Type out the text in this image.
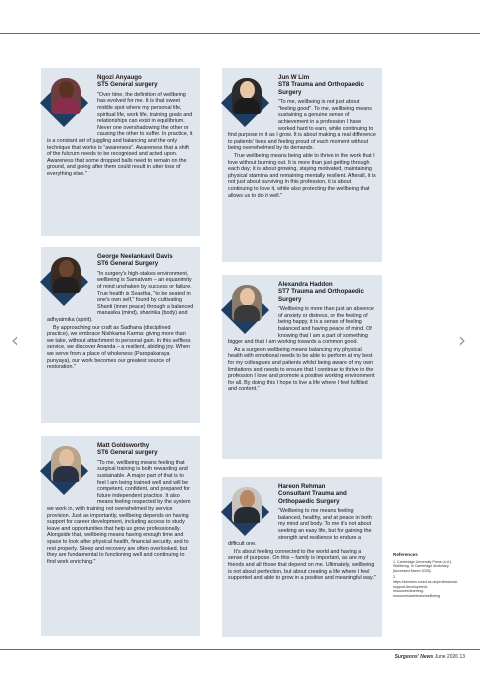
‹	›

Ngozi Anyaugo

ST5 General surgery

"Over time, the definition of wellbeing has evolved for me. It is that sweet middle spot where my personal life, spiritual life, work life, training goals and relationships can exist in equilibrium. Never one overshadowing the other or causing the other to suffer. In practice, it is a constant art of juggling and balancing and the only technique that works is "awareness". Awareness that a shift of the fulcrum needs to be recognised and acted upon. Awareness that some dropped balls need to remain on the ground, and going after them could result in utter loss of everything else."

Jun W Lim

ST8 Trauma and Orthopaedic Surgery

"To me, wellbeing is not just about "feeling good". To me, wellbeing means sustaining a genuine sense of achievement in a profession I have worked hard to earn, while continuing to find purpose in it as I grow. It is about making a real difference to patients' lives and feeling proud of each moment without being overwhelmed by its demands.

True wellbeing means being able to thrive in the work that I love without burning out. It is more than just getting through each day; it is about growing, staying motivated, maintaining physical stamina and remaining mentally resilient. Afterall, it is not just about surviving in this profession, it is about continuing to love it, while also protecting the wellbeing that allows us to do it well."

George Neelankavil Davis

ST6 General Surgery

"In surgery's high-stakes environment, wellbeing is Samatvam – an equanimity of mind unshaken by success or failure. True health is Svastha, "to be seated in one's own self," found by cultivating Shanti (inner peace) through a balanced manasika (mind), sharirika (body) and adhyatmika (spirit).

By approaching our craft as Sadhana (disciplined practice), we embrace Nishkama Karma: giving more than we take, without attachment to personal gain. In this selfless service, we discover Ananda – a resilient, abiding joy. When we serve from a place of wholeness (Paropakaraya punyaya), our work becomes our greatest source of restoration."

Alexandra Haddon

ST7 Trauma and Orthopaedic Surgery

"Wellbeing is more than just an absence of anxiety or distress, or the feeling of being happy, it is a sense of feeling balanced and having peace of mind. Of knowing that I am a part of something bigger and that I am working towards a common good.

As a surgeon wellbeing means balancing my physical health with emotional needs to be able to perform at my best for my colleagues and patients whilst being aware of my own limitations and needs to ensure that I continue to thrive in the profession I love and promote a positive working environment for all. By doing this I hope to live a life where I feel fulfilled and content."

Matt Goldsworthy

ST6 General surgery

"To me, wellbeing means feeling that surgical training is both rewarding and sustainable. A major part of that is to feel I am being trained well and will be competent, confident, and prepared for future independent practice. It also means feeling respected by the system we work in, with training not overwhelmed by service provision. Just as importantly, wellbeing depends on having support for career development, including access to study leave and opportunities that help us grow professionally. Alongside that, wellbeing means having enough time and space to look after physical health, financial security, and to rest properly. Sleep and recovery are often overlooked, but they are fundamental to functioning well and continuing to find work enriching."

Hareon Rehman

Consultant Trauma and Orthopaedic Surgery

"Wellbeing to me means feeling balanced, healthy, and at peace in both my mind and body. To me it's not about seeking an easy life, but for gaining the strength and resilience to endure a difficult one.

It's about feeling connected to the world and having a sense of purpose. On this – family is important, as are my friends and all those that depend on me. Ultimately, wellbeing is not about perfection, but about creating a life where I feel supported and able to grow in a positive and meaningful way."

References

1. Cambridge University Press (n.d.). Wellbeing. In Cambridge dictionary. [Accessed March 2026].

2. https://services.rcsed.ac.uk/professional-support-development-resources/learning-resources/webinars/wellbeing

Surgeons' News June 2026 13
